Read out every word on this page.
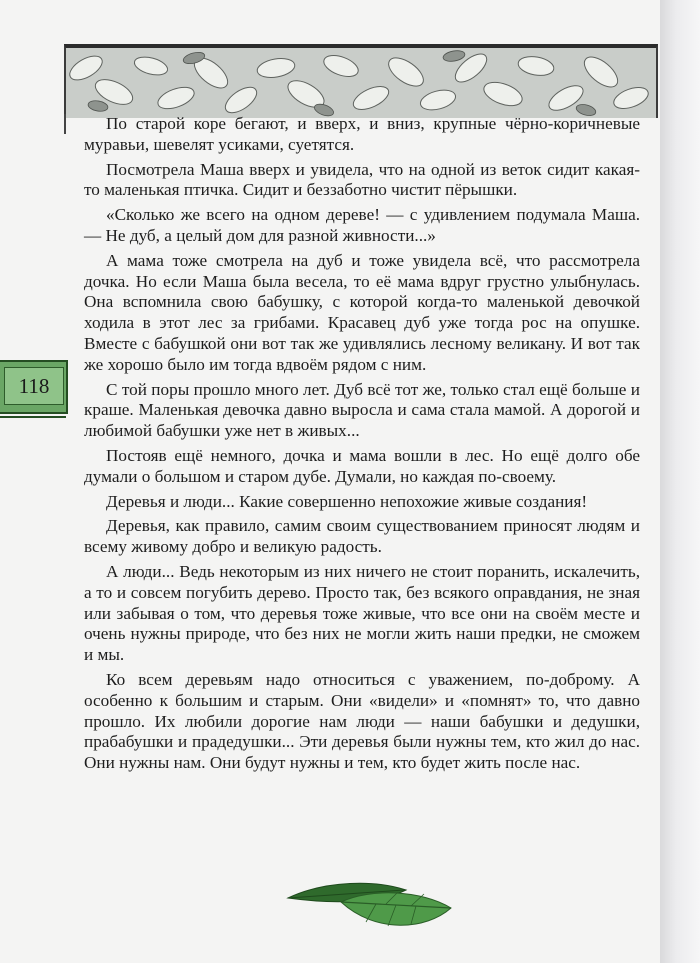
118

По старой коре бегают, и вверх, и вниз, крупные чёрно-коричневые муравьи, шевелят усиками, суетятся.

Посмотрела Маша вверх и увидела, что на одной из веток сидит какая-то маленькая птичка. Сидит и беззаботно чистит пёрышки.

«Сколько же всего на одном дереве! — с удивлением подумала Маша. — Не дуб, а целый дом для разной живности...»

А мама тоже смотрела на дуб и тоже увидела всё, что рассмотрела дочка. Но если Маша была весела, то её мама вдруг грустно улыбнулась. Она вспомнила свою бабушку, с которой когда-то маленькой девочкой ходила в этот лес за грибами. Красавец дуб уже тогда рос на опушке. Вместе с бабушкой они вот так же удивлялись лесному великану. И вот так же хорошо было им тогда вдвоём рядом с ним.

С той поры прошло много лет. Дуб всё тот же, только стал ещё больше и краше. Маленькая девочка давно выросла и сама стала мамой. А дорогой и любимой бабушки уже нет в живых...

Постояв ещё немного, дочка и мама вошли в лес. Но ещё долго обе думали о большом и старом дубе. Думали, но каждая по-своему.

Деревья и люди... Какие совершенно непохожие живые создания!

Деревья, как правило, самим своим существованием приносят людям и всему живому добро и великую радость.

А люди... Ведь некоторым из них ничего не стоит поранить, искалечить, а то и совсем погубить дерево. Просто так, без всякого оправдания, не зная или забывая о том, что деревья тоже живые, что все они на своём месте и очень нужны природе, что без них не могли жить наши предки, не сможем и мы.

Ко всем деревьям надо относиться с уважением, по-доброму. А особенно к большим и старым. Они «видели» и «помнят» то, что давно прошло. Их любили дорогие нам люди — наши бабушки и дедушки, прабабушки и прадедушки... Эти деревья были нужны тем, кто жил до нас. Они нужны нам. Они будут нужны и тем, кто будет жить после нас.
